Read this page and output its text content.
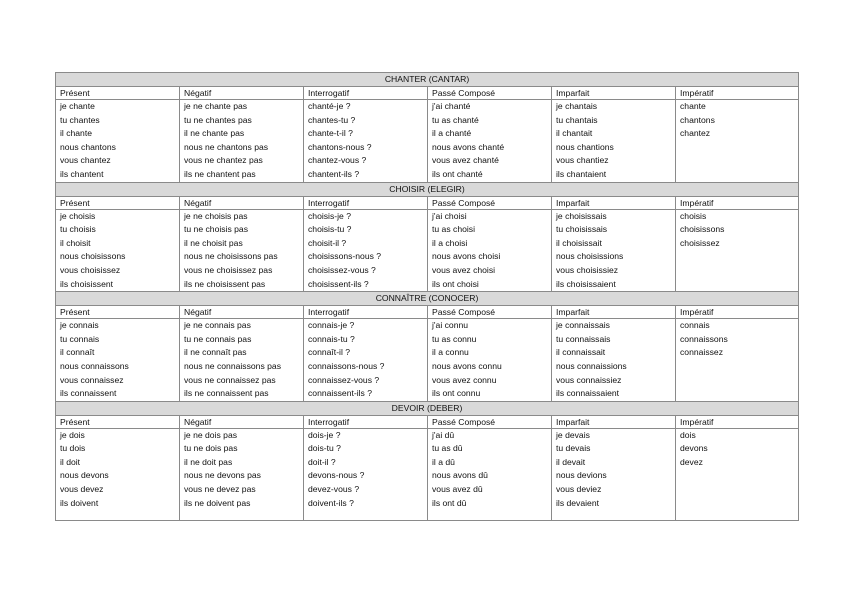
CHANTER (CANTAR)					
Présent	Négatif	Interrogatif	Passé Composé	Imparfait	Impératif
je chante	je ne chante pas	chanté-je ?	j'ai chanté	je chantais	chante
tu chantes	tu ne chantes pas	chantes-tu ?	tu as chanté	tu chantais	chantons
il chante	il ne chante pas	chante-t-il ?	il a chanté	il chantait	chantez
nous chantons	nous ne chantons pas	chantons-nous ?	nous avons chanté	nous chantions	
vous chantez	vous ne chantez pas	chantez-vous ?	vous avez chanté	vous chantiez	
ils chantent	ils ne chantent pas	chantent-ils ?	ils ont chanté	ils chantaient	
CHOISIR (ELEGIR)					
Présent	Négatif	Interrogatif	Passé Composé	Imparfait	Impératif
je choisis	je ne choisis pas	choisis-je ?	j'ai choisi	je choisissais	choisis
tu choisis	tu ne choisis pas	choisis-tu ?	tu as choisi	tu choisissais	choisissons
il choisit	il ne choisit pas	choisit-il ?	il a choisi	il choisissait	choisissez
nous choisissons	nous ne choisissons pas	choisissons-nous ?	nous avons choisi	nous choisissions	
vous choisissez	vous ne choisissez pas	choisissez-vous ?	vous avez choisi	vous choisissiez	
ils choisissent	ils ne choisissent pas	choisissent-ils ?	ils ont choisi	ils choisissaient	
CONNAÎTRE (CONOCER)					
Présent	Négatif	Interrogatif	Passé Composé	Imparfait	Impératif
je connais	je ne connais pas	connais-je ?	j'ai connu	je connaissais	connais
tu connais	tu ne connais pas	connais-tu ?	tu as connu	tu connaissais	connaissons
il connaît	il ne connaît pas	connaît-il ?	il a connu	il connaissait	connaissez
nous connaissons	nous ne connaissons pas	connaissons-nous ?	nous avons connu	nous connaissions	
vous connaissez	vous ne connaissez pas	connaissez-vous ?	vous avez connu	vous connaissiez	
ils connaissent	ils ne connaissent pas	connaissent-ils ?	ils ont connu	ils connaissaient	
DEVOIR (DEBER)					
Présent	Négatif	Interrogatif	Passé Composé	Imparfait	Impératif
je dois	je ne dois pas	dois-je ?	j'ai dû	je devais	dois
tu dois	tu ne dois pas	dois-tu ?	tu as dû	tu devais	devons
il doit	il ne doit pas	doit-il ?	il a dû	il devait	devez
nous devons	nous ne devons pas	devons-nous ?	nous avons dû	nous devions	
vous devez	vous ne devez pas	devez-vous ?	vous avez dû	vous deviez	
ils doivent	ils ne doivent pas	doivent-ils ?	ils ont dû	ils devaient	
